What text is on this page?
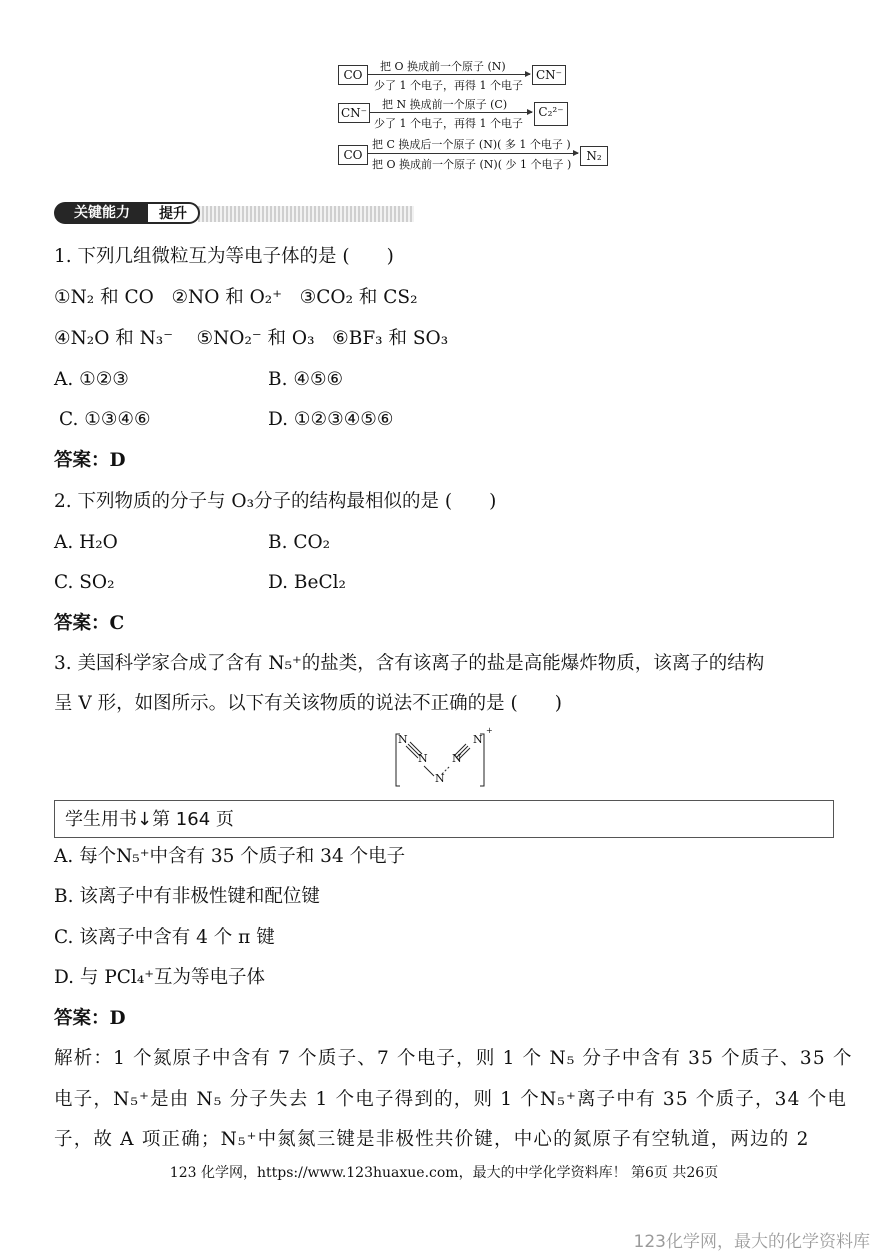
CO
把 O 换成前一个原子 (N)
少了 1 个电子，再得 1 个电子
CN⁻
CN⁻
把 N 换成前一个原子 (C)
少了 1 个电子，再得 1 个电子
C₂²⁻
CO
把 C 换成后一个原子 (N)( 多 1 个电子 )
把 O 换成前一个原子 (N)( 少 1 个电子 )
N₂
关键能力	提升
1. 下列几组微粒互为等电子体的是 (　　)
①N₂ 和 CO ②NO 和 O₂⁺ ③CO₂ 和 CS₂
④N₂O 和 N₃⁻ ⑤NO₂⁻ 和 O₃ ⑥BF₃ 和 SO₃
A. ①②③	B. ④⑤⑥
C. ①③④⑥	D. ①②③④⑤⑥
答案：D
2. 下列物质的分子与 O₃分子的结构最相似的是 (　　)
A. H₂O	B. CO₂
C. SO₂	D. BeCl₂
答案：C
3. 美国科学家合成了含有 N₅⁺的盐类，含有该离子的盐是高能爆炸物质，该离子的结构
呈 V 形，如图所示。以下有关该物质的说法不正确的是 (　　)
N
N
N
N
N
+
学生用书↓第 164 页
A. 每个N₅⁺中含有 35 个质子和 34 个电子
B. 该离子中有非极性键和配位键
C. 该离子中含有 4 个 π 键
D. 与 PCl₄⁺互为等电子体
答案：D
解析：1 个氮原子中含有 7 个质子、7 个电子，则 1 个 N₅ 分子中含有 35 个质子、35 个
电子，N₅⁺是由 N₅ 分子失去 1 个电子得到的，则 1 个N₅⁺离子中有 35 个质子，34 个电
子，故 A 项正确；N₅⁺中氮氮三键是非极性共价键，中心的氮原子有空轨道，两边的 2
123 化学网，https://www.123huaxue.com，最大的中学化学资料库！ 第6页 共26页
123化学网，最大的化学资料库
